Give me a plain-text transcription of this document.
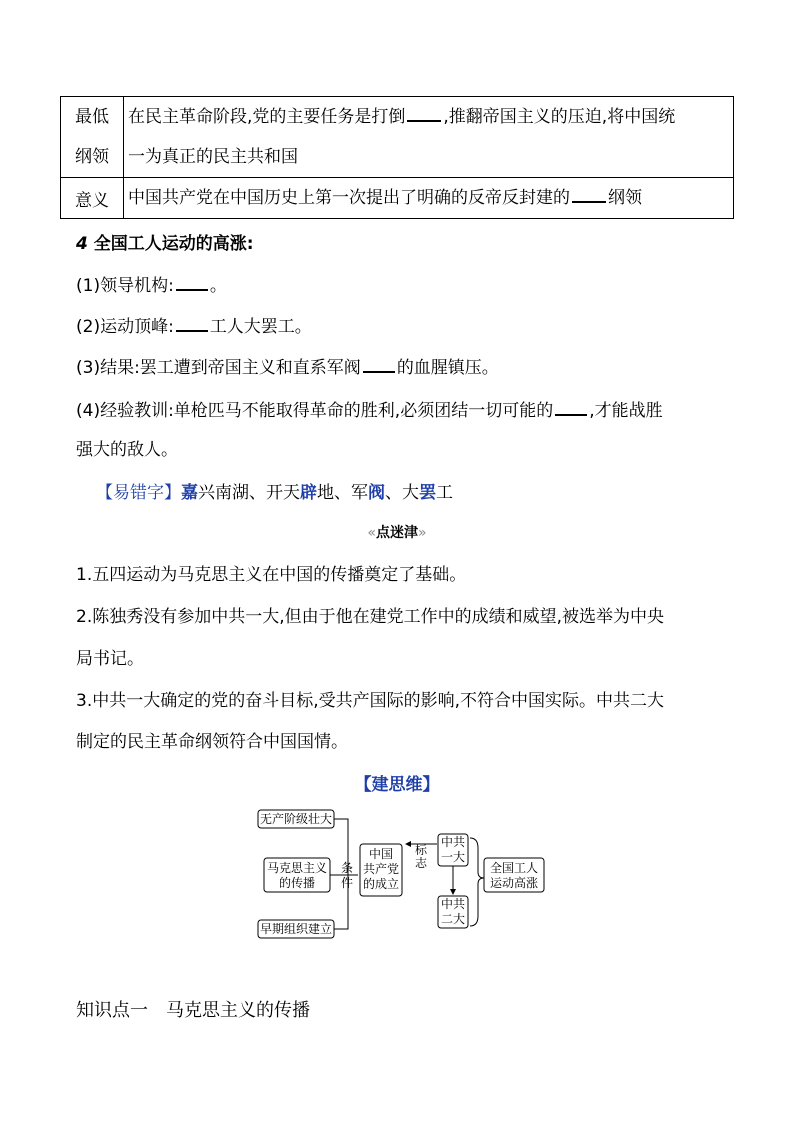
最低
纲领	在民主革命阶段,党的主要任务是打倒 ,推翻帝国主义的压迫,将中国统
一为真正的民主共和国

意义	中国共产党在中国历史上第一次提出了明确的反帝反封建的 纲领
4 全国工人运动的高涨:
(1)领导机构: 。
(2)运动顶峰: 工人大罢工。
(3)结果:罢工遭到帝国主义和直系军阀 的血腥镇压。
(4)经验教训:单枪匹马不能取得革命的胜利,必须团结一切可能的 ,才能战胜
强大的敌人。
【易错字】嘉兴南湖、开天辟地、军阀、大罢工
«点迷津»
1.五四运动为马克思主义在中国的传播奠定了基础。
2.陈独秀没有参加中共一大,但由于他在建党工作中的成绩和威望,被选举为中央
局书记。
3.中共一大确定的党的奋斗目标,受共产国际的影响,不符合中国实际。中共二大
制定的民主革命纲领符合中国国情。
【建思维】
无产阶级壮大
马克思主义
的传播
早期组织建立
条
件
中国
共产党
的成立
标
志
中共
一大
中共
二大
全国工人
运动高涨
知识点一　马克思主义的传播
